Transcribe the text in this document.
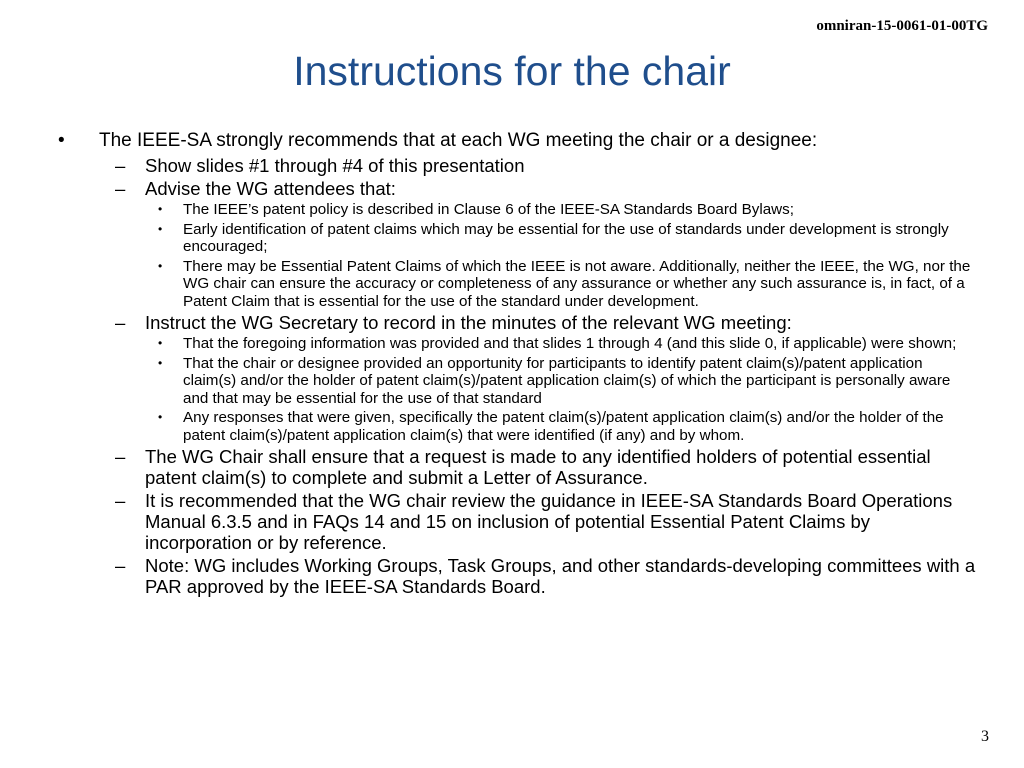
omniran-15-0061-01-00TG
Instructions for the chair
• The IEEE-SA strongly recommends that at each WG meeting the chair or a designee:
– Show slides #1 through #4 of this presentation
– Advise the WG attendees that:
• The IEEE’s patent policy is described in Clause 6 of the IEEE-SA Standards Board Bylaws;
• Early identification of patent claims which may be essential for the use of standards under development is strongly encouraged;
• There may be Essential Patent Claims of which the IEEE is not aware. Additionally, neither the IEEE, the WG, nor the WG chair can ensure the accuracy or completeness of any assurance or whether any such assurance is, in fact, of a Patent Claim that is essential for the use of the standard under development.
– Instruct the WG Secretary to record in the minutes of the relevant WG meeting:
• That the foregoing information was provided and that slides 1 through 4 (and this slide 0, if applicable) were shown;
• That the chair or designee provided an opportunity for participants to identify patent claim(s)/patent application claim(s) and/or the holder of patent claim(s)/patent application claim(s) of which the participant is personally aware and that may be essential for the use of that standard
• Any responses that were given, specifically the patent claim(s)/patent application claim(s) and/or the holder of the patent claim(s)/patent application claim(s) that were identified (if any) and by whom.
– The WG Chair shall ensure that a request is made to any identified holders of potential essential patent claim(s) to complete and submit a Letter of Assurance.
– It is recommended that the WG chair review the guidance in IEEE-SA Standards Board Operations Manual 6.3.5 and in FAQs 14 and 15 on inclusion of potential Essential Patent Claims by incorporation or by reference.
– Note: WG includes Working Groups, Task Groups, and other standards-developing committees with a PAR approved by the IEEE-SA Standards Board.
3
